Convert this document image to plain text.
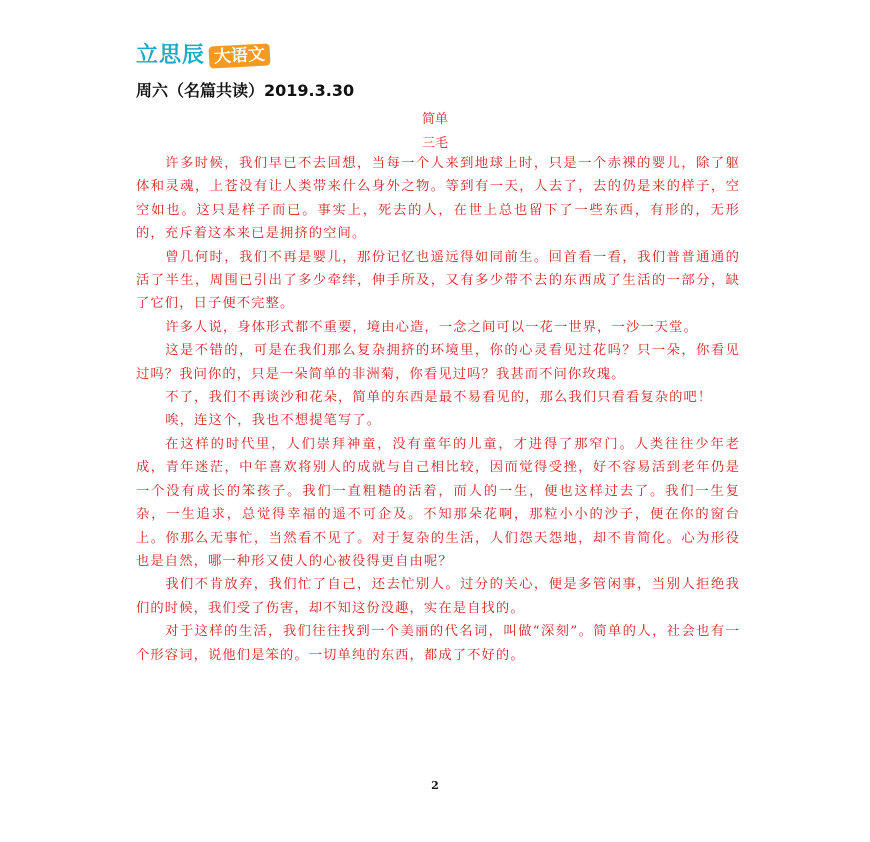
立思辰 大语文
周六（名篇共读）2019.3.30
简单
三毛

许多时候，我们早已不去回想，当每一个人来到地球上时，只是一个赤裸的婴儿，除了躯体和灵魂，上苍没有让人类带来什么身外之物。等到有一天，人去了，去的仍是来的样子，空空如也。这只是样子而已。事实上，死去的人，在世上总也留下了一些东西，有形的，无形的，充斥着这本来已是拥挤的空间。

曾几何时，我们不再是婴儿，那份记忆也遥远得如同前生。回首看一看，我们普普通通的活了半生，周围已引出了多少牵绊，伸手所及，又有多少带不去的东西成了生活的一部分，缺了它们，日子便不完整。

许多人说，身体形式都不重要，境由心造，一念之间可以一花一世界，一沙一天堂。

这是不错的，可是在我们那么复杂拥挤的环境里，你的心灵看见过花吗？只一朵，你看见过吗？我问你的，只是一朵简单的非洲菊，你看见过吗？我甚而不问你玫瑰。

不了，我们不再谈沙和花朵，简单的东西是最不易看见的，那么我们只看看复杂的吧！

唉，连这个，我也不想提笔写了。

在这样的时代里，人们崇拜神童，没有童年的儿童，才进得了那窄门。人类往往少年老成，青年迷茫，中年喜欢将别人的成就与自己相比较，因而觉得受挫，好不容易活到老年仍是一个没有成长的笨孩子。我们一直粗糙的活着，而人的一生，便也这样过去了。我们一生复杂，一生追求，总觉得幸福的遥不可企及。不知那朵花啊，那粒小小的沙子，便在你的窗台上。你那么无事忙，当然看不见了。对于复杂的生活，人们怨天怨地，却不肯简化。心为形役也是自然，哪一种形又使人的心被役得更自由呢？

我们不肯放弃，我们忙了自己，还去忙别人。过分的关心，便是多管闲事，当别人拒绝我们的时候，我们受了伤害，却不知这份没趣，实在是自找的。

对于这样的生活，我们往往找到一个美丽的代名词，叫做“深刻”。简单的人，社会也有一个形容词，说他们是笨的。一切单纯的东西，都成了不好的。

2
